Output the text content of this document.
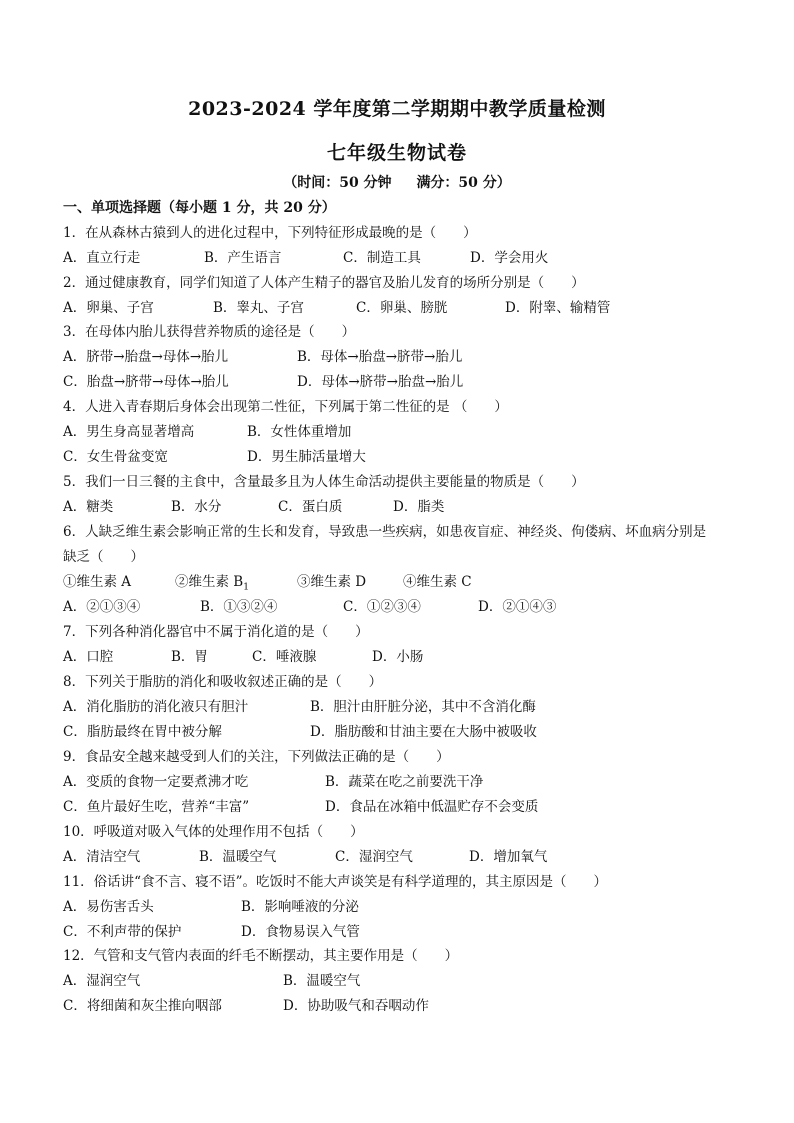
2023-2024 学年度第二学期期中教学质量检测
七年级生物试卷
（时间：50 分钟 满分：50 分）
一、单项选择题（每小题 1 分，共 20 分）
1．在从森林古猿到人的进化过程中，下列特征形成最晚的是（　　）
A．直立行走	B．产生语言	C．制造工具	D．学会用火
2．通过健康教育，同学们知道了人体产生精子的器官及胎儿发育的场所分别是（　　）
A．卵巢、子宫	B．睾丸、子宫	C．卵巢、膀胱	D．附睾、输精管
3．在母体内胎儿获得营养物质的途径是（　　）
A．脐带→胎盘→母体→胎儿	B．母体→胎盘→脐带→胎儿
C．胎盘→脐带→母体→胎儿	D．母体→脐带→胎盘→胎儿
4．人进入青春期后身体会出现第二性征，下列属于第二性征的是 （　　）
A．男生身高显著增高	B．女性体重增加
C．女生骨盆变宽	D．男生肺活量增大
5．我们一日三餐的主食中，含量最多且为人体生命活动提供主要能量的物质是（　　）
A．糖类	B．水分	C．蛋白质	D．脂类
6．人缺乏维生素会影响正常的生长和发育，导致患一些疾病，如患夜盲症、神经炎、佝偻病、坏血病分别是
缺乏（　　）
①维生素 A	②维生素 $B_1$	③维生素 D	④维生素 C
A．②①③④	B．①③②④	C．①②③④	D．②①④③
7．下列各种消化器官中不属于消化道的是（　　）
A．口腔	B．胃	C．唾液腺	D．小肠
8．下列关于脂肪的消化和吸收叙述正确的是（　　）
A．消化脂肪的消化液只有胆汁	B．胆汁由肝脏分泌，其中不含消化酶
C．脂肪最终在胃中被分解	D．脂肪酸和甘油主要在大肠中被吸收
9．食品安全越来越受到人们的关注，下列做法正确的是（　　）
A．变质的食物一定要煮沸才吃	B．蔬菜在吃之前要洗干净
C．鱼片最好生吃，营养“丰富”	D．食品在冰箱中低温贮存不会变质
10．呼吸道对吸入气体的处理作用不包括（　　）
A．清洁空气	B．温暖空气	C．湿润空气	D．增加氧气
11．俗话讲“食不言、寝不语”。吃饭时不能大声谈笑是有科学道理的，其主原因是（　　）
A．易伤害舌头	B．影响唾液的分泌
C．不利声带的保护	D．食物易误入气管
12．气管和支气管内表面的纤毛不断摆动，其主要作用是（　　）
A．湿润空气	B．温暖空气
C．将细菌和灰尘推向咽部	D．协助吸气和吞咽动作
